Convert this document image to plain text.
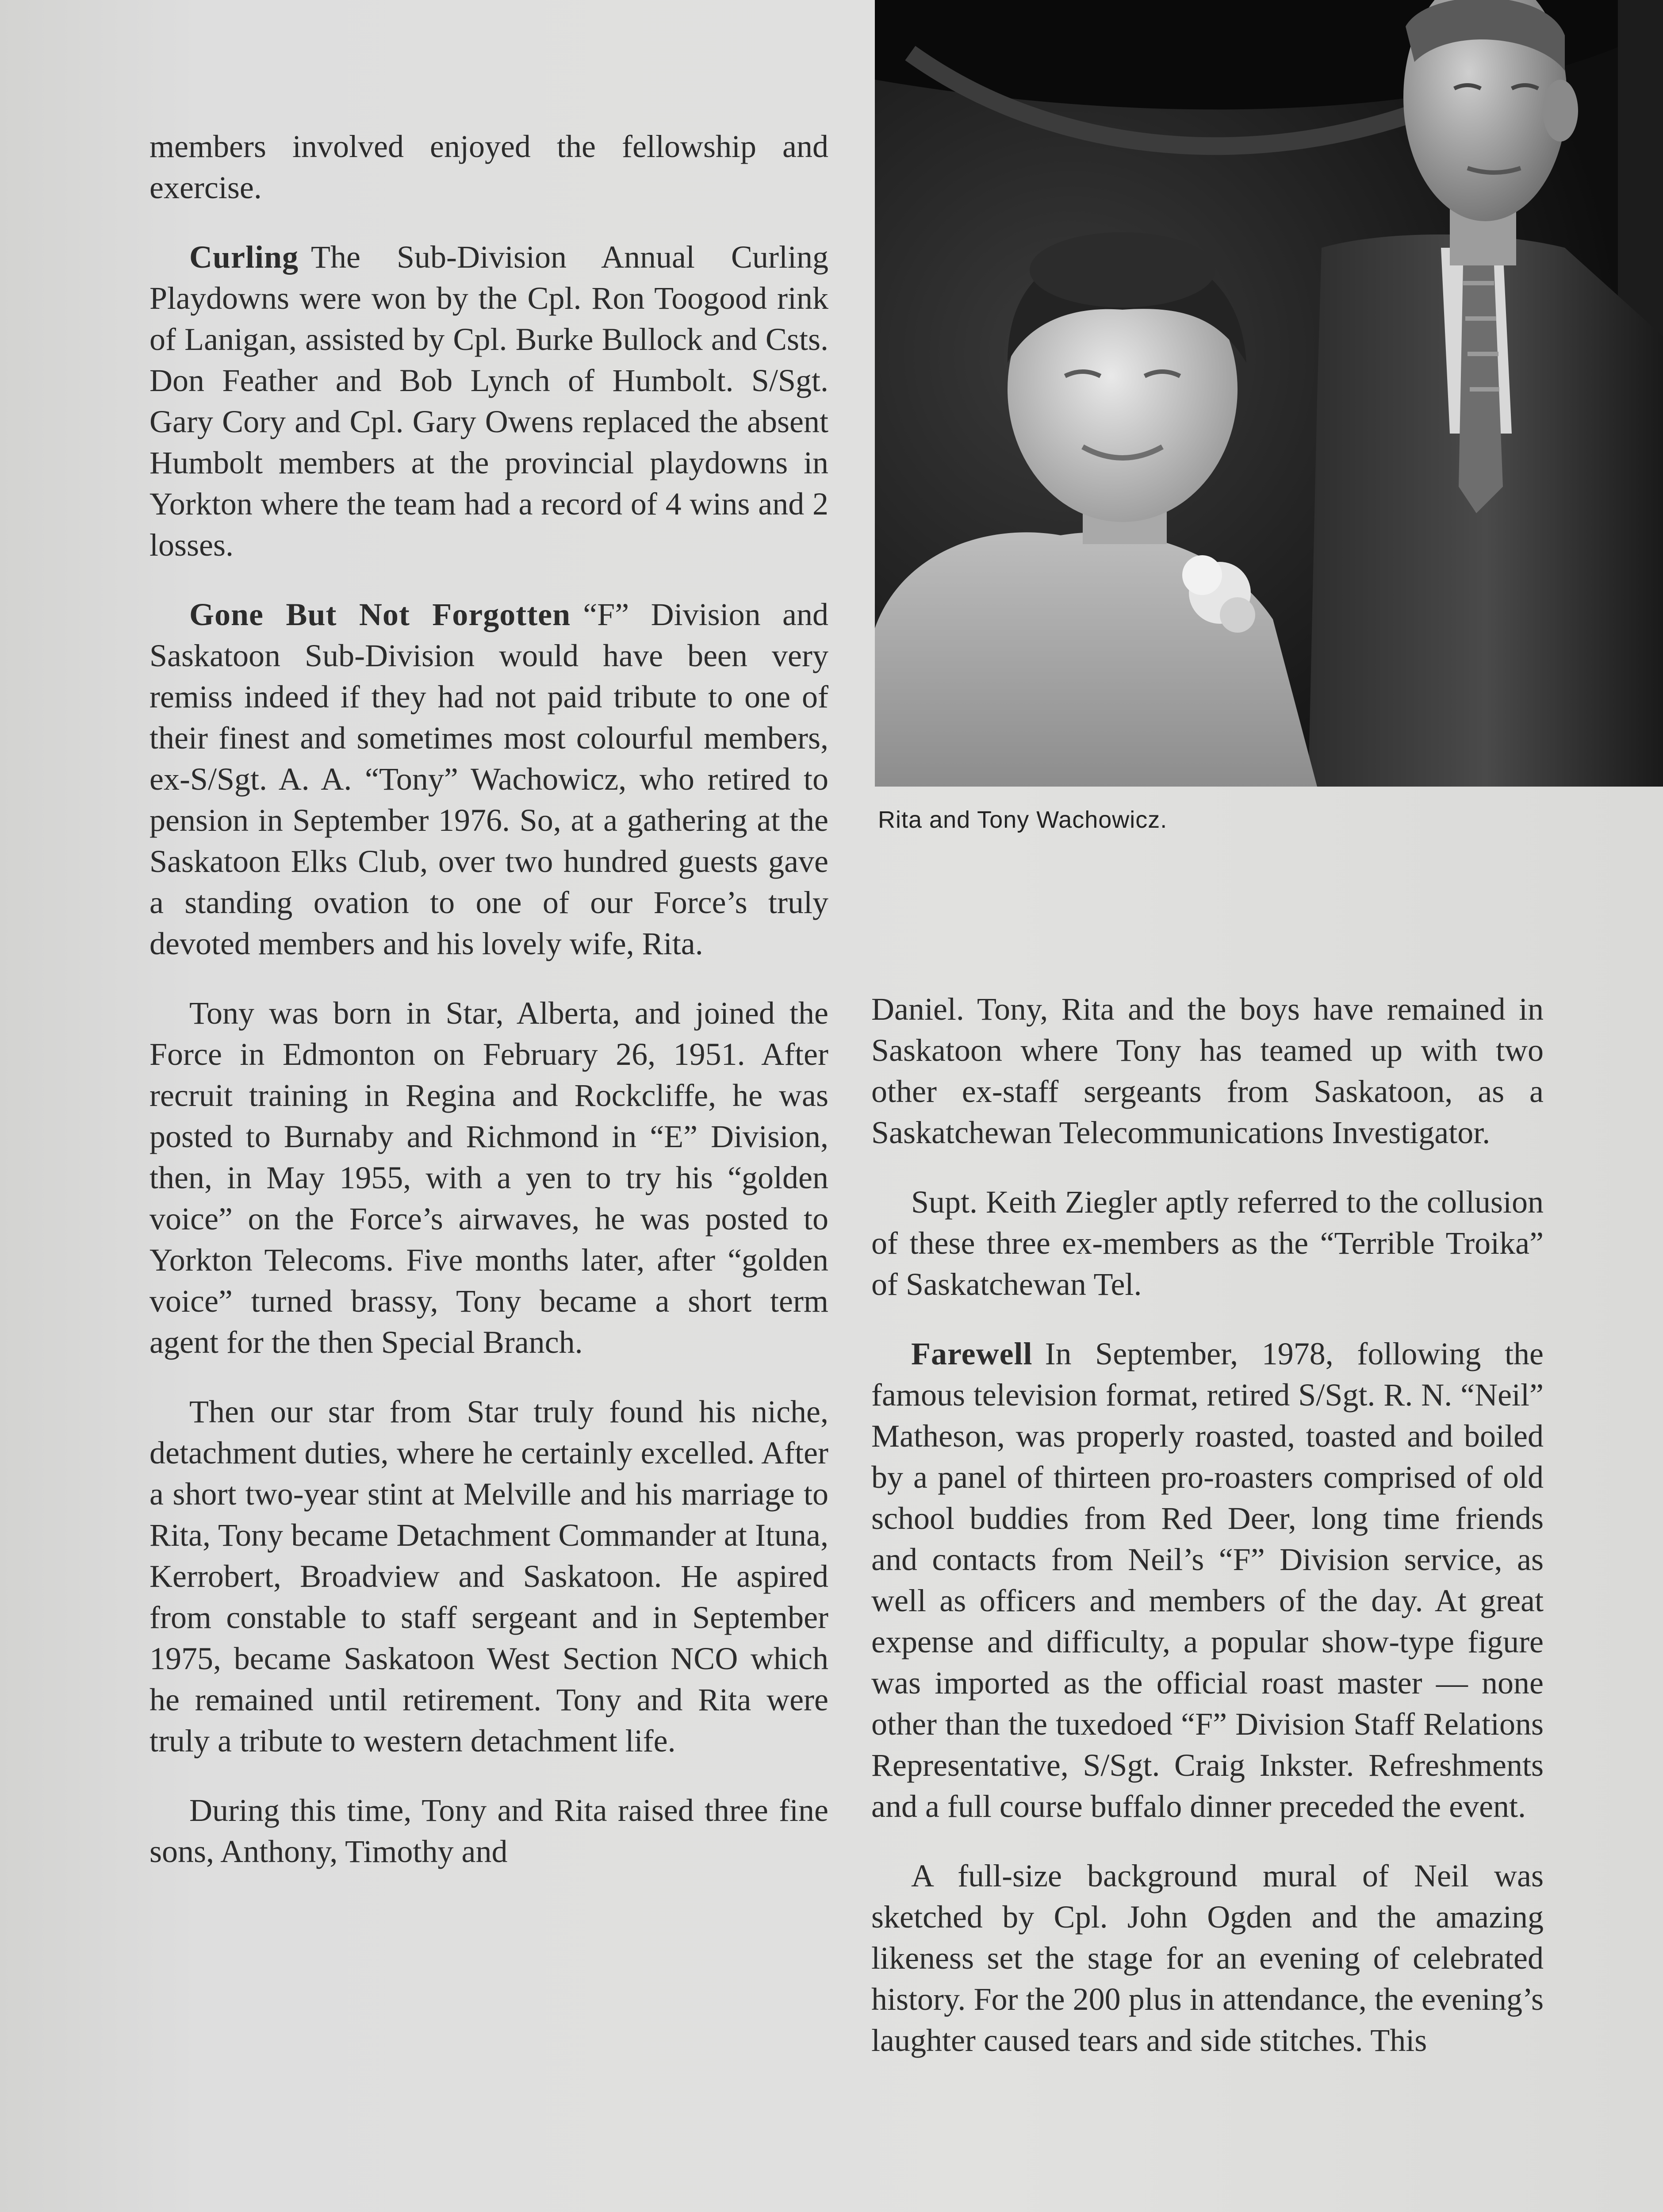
members involved enjoyed the fellowship and exercise.

Curling The Sub-Division Annual Curling Playdowns were won by the Cpl. Ron Toogood rink of Lanigan, assisted by Cpl. Burke Bullock and Csts. Don Feather and Bob Lynch of Humbolt. S/Sgt. Gary Cory and Cpl. Gary Owens replaced the absent Humbolt members at the provincial playdowns in Yorkton where the team had a record of 4 wins and 2 losses.

Gone But Not Forgotten “F” Division and Saskatoon Sub-Division would have been very remiss indeed if they had not paid tribute to one of their finest and sometimes most colourful members, ex-S/Sgt. A. A. “Tony” Wachowicz, who retired to pension in September 1976. So, at a gathering at the Saskatoon Elks Club, over two hundred guests gave a standing ovation to one of our Force’s truly devoted members and his lovely wife, Rita.

Tony was born in Star, Alberta, and joined the Force in Edmonton on February 26, 1951. After recruit training in Regina and Rockcliffe, he was posted to Burnaby and Richmond in “E” Division, then, in May 1955, with a yen to try his “golden voice” on the Force’s airwaves, he was posted to Yorkton Telecoms. Five months later, after “golden voice” turned brassy, Tony became a short term agent for the then Special Branch.

Then our star from Star truly found his niche, detachment duties, where he certainly excelled. After a short two-year stint at Melville and his marriage to Rita, Tony became Detachment Commander at Ituna, Kerrobert, Broadview and Saskatoon. He aspired from constable to staff sergeant and in September 1975, became Saskatoon West Section NCO which he remained until retirement. Tony and Rita were truly a tribute to western detachment life.

During this time, Tony and Rita raised three fine sons, Anthony, Timothy and

Rita and Tony Wachowicz.

Daniel. Tony, Rita and the boys have remained in Saskatoon where Tony has teamed up with two other ex-staff sergeants from Saskatoon, as a Saskatchewan Telecommunications Investigator.

Supt. Keith Ziegler aptly referred to the collusion of these three ex-members as the “Terrible Troika” of Saskatchewan Tel.

Farewell In September, 1978, following the famous television format, retired S/Sgt. R. N. “Neil” Matheson, was properly roasted, toasted and boiled by a panel of thirteen pro-roasters comprised of old school buddies from Red Deer, long time friends and contacts from Neil’s “F” Division service, as well as officers and members of the day. At great expense and difficulty, a popular show-type figure was imported as the official roast master — none other than the tuxedoed “F” Division Staff Relations Representative, S/Sgt. Craig Inkster. Refreshments and a full course buffalo dinner preceded the event.

A full-size background mural of Neil was sketched by Cpl. John Ogden and the amazing likeness set the stage for an evening of celebrated history. For the 200 plus in attendance, the evening’s laughter caused tears and side stitches. This
